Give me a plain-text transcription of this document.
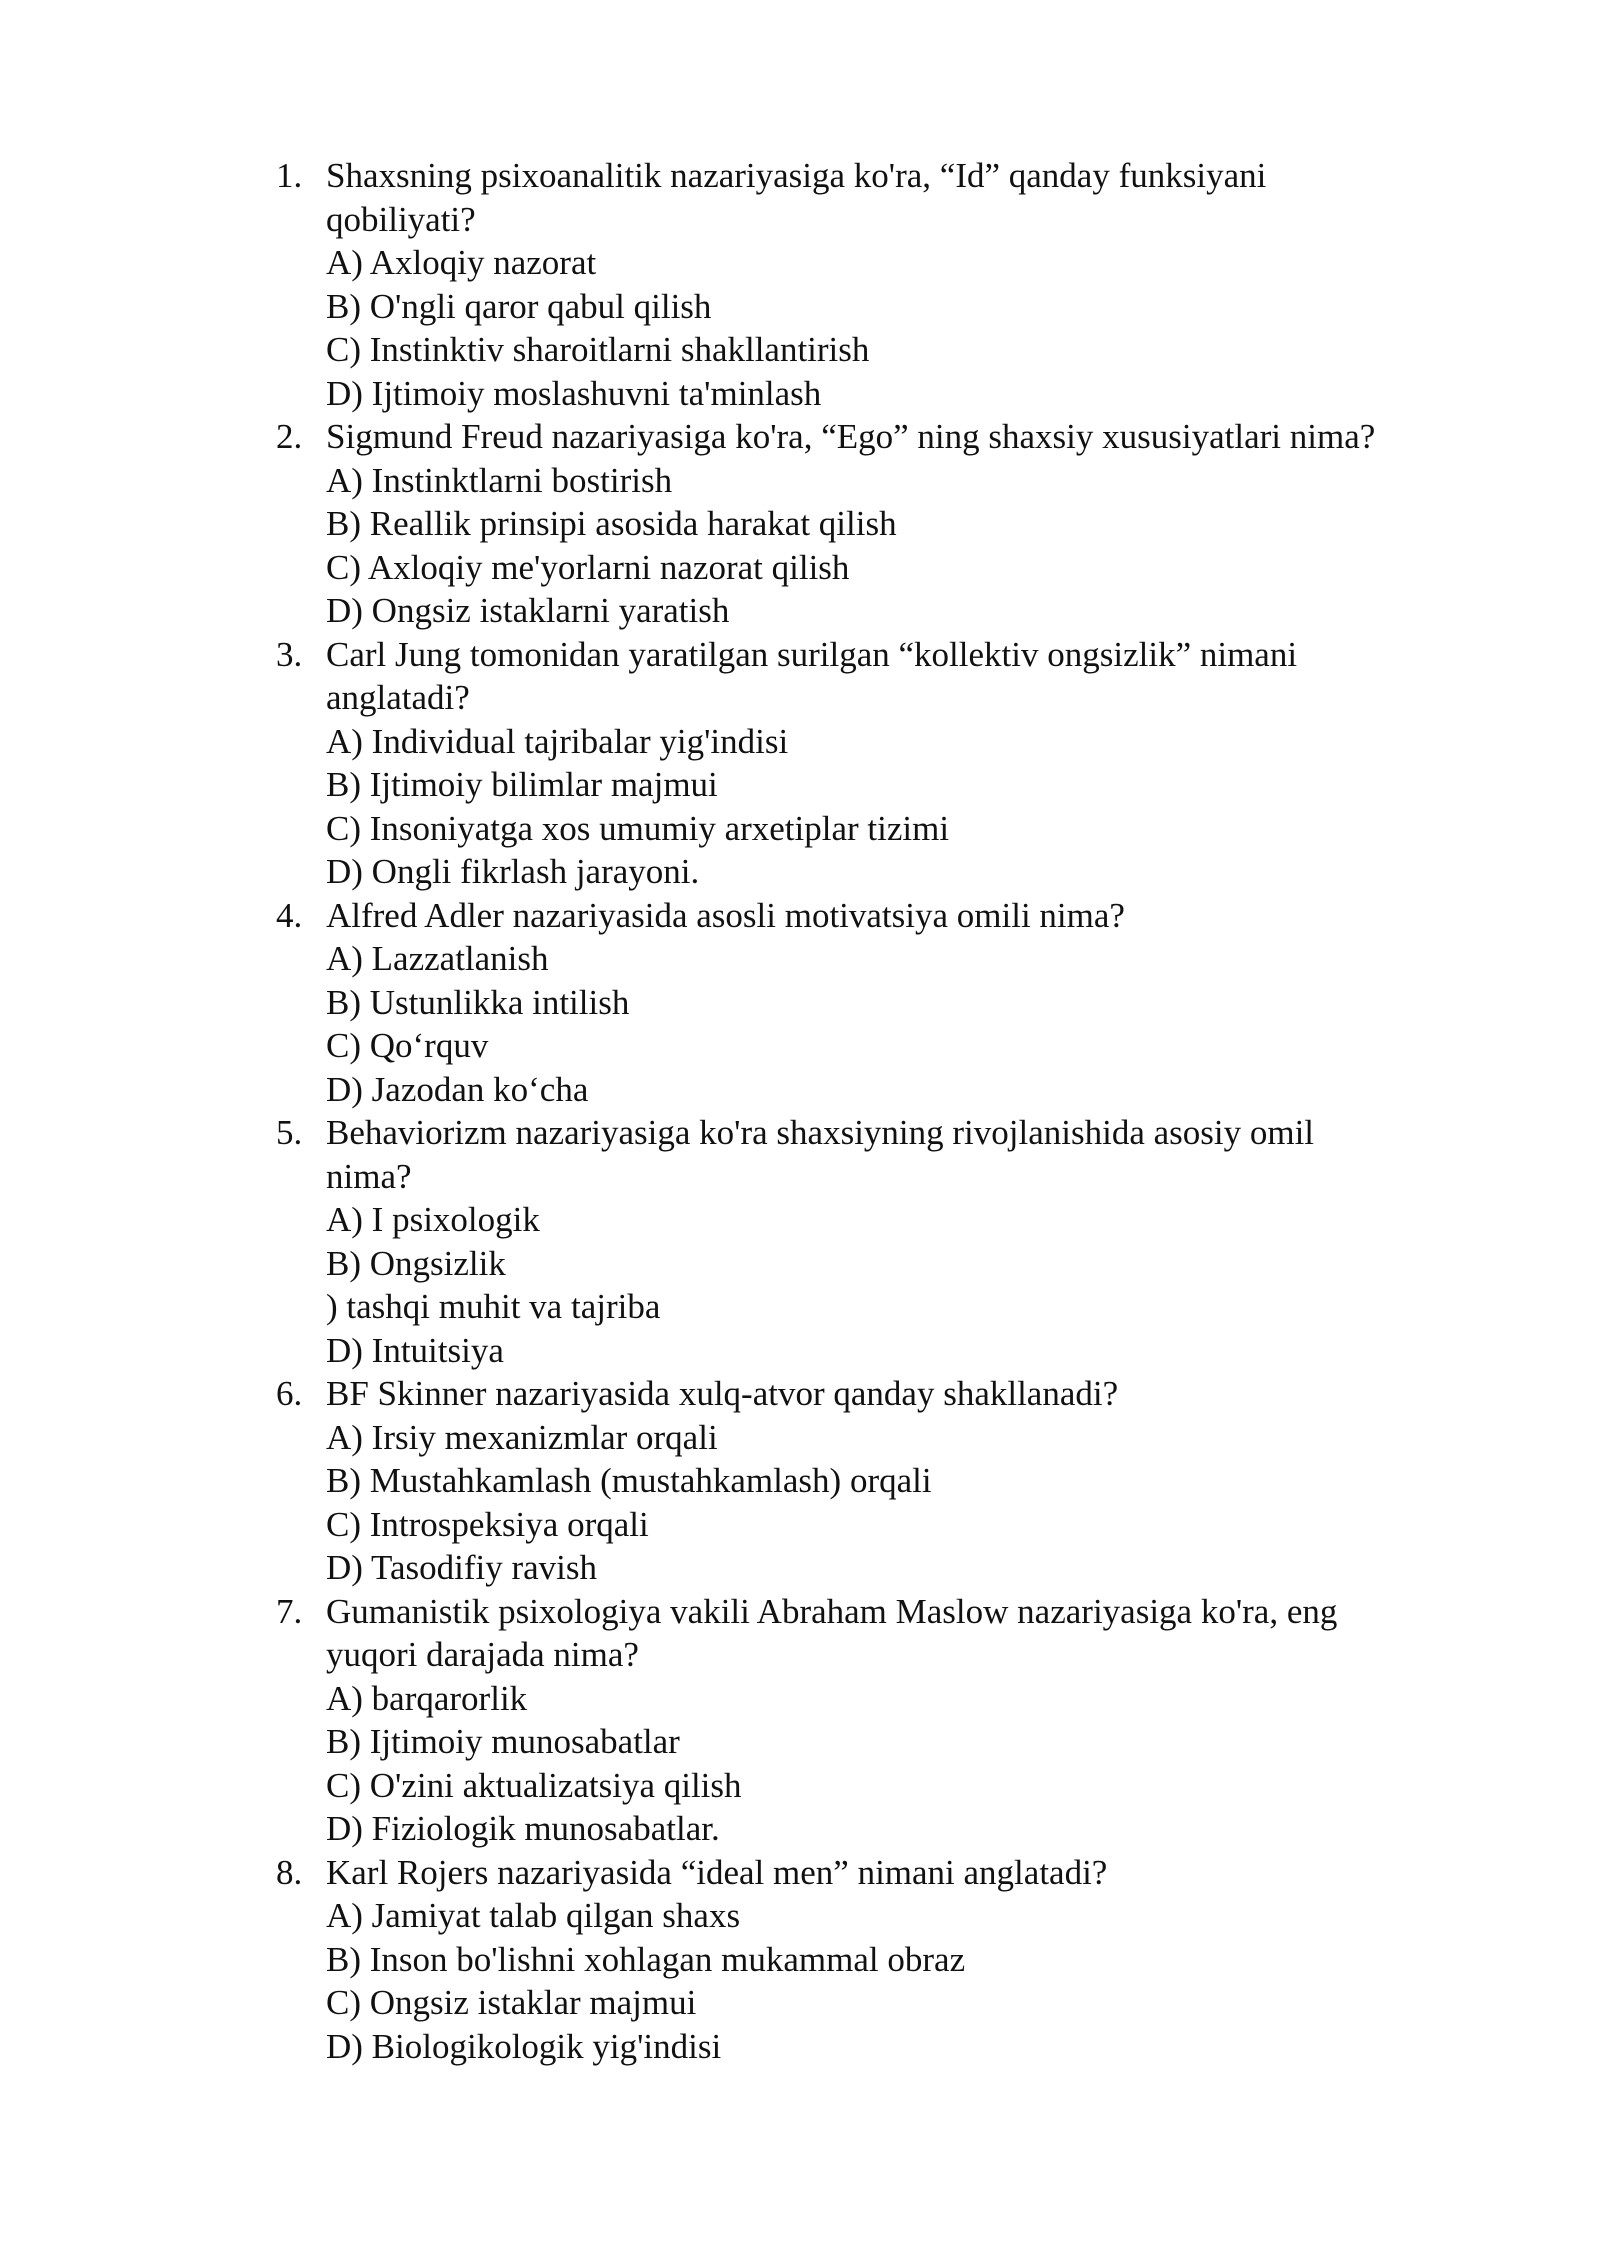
1. Shaxsning psixoanalitik nazariyasiga ko'ra, “Id” qanday funksiyani
qobiliyati?
A) Axloqiy nazorat
B) O'ngli qaror qabul qilish
C) Instinktiv sharoitlarni shakllantirish
D) Ijtimoiy moslashuvni ta'minlash
2. Sigmund Freud nazariyasiga ko'ra, “Ego” ning shaxsiy xususiyatlari nima?
A) Instinktlarni bostirish
B) Reallik prinsipi asosida harakat qilish
C) Axloqiy me'yorlarni nazorat qilish
D) Ongsiz istaklarni yaratish
3. Carl Jung tomonidan yaratilgan surilgan “kollektiv ongsizlik” nimani
anglatadi?
A) Individual tajribalar yig'indisi
B) Ijtimoiy bilimlar majmui
C) Insoniyatga xos umumiy arxetiplar tizimi
D) Ongli fikrlash jarayoni.
4. Alfred Adler nazariyasida asosli motivatsiya omili nima?
A) Lazzatlanish
B) Ustunlikka intilish
C) Qo‘rquv
D) Jazodan ko‘cha
5. Behaviorizm nazariyasiga ko'ra shaxsiyning rivojlanishida asosiy omil
nima?
A) I psixologik
B) Ongsizlik
) tashqi muhit va tajriba
D) Intuitsiya
6. BF Skinner nazariyasida xulq-atvor qanday shakllanadi?
A) Irsiy mexanizmlar orqali
B) Mustahkamlash (mustahkamlash) orqali
C) Introspeksiya orqali
D) Tasodifiy ravish
7. Gumanistik psixologiya vakili Abraham Maslow nazariyasiga ko'ra, eng
yuqori darajada nima?
A) barqarorlik
B) Ijtimoiy munosabatlar
C) O'zini aktualizatsiya qilish
D) Fiziologik munosabatlar.
8. Karl Rojers nazariyasida “ideal men” nimani anglatadi?
A) Jamiyat talab qilgan shaxs
B) Inson bo'lishni xohlagan mukammal obraz
C) Ongsiz istaklar majmui
D) Biologikologik yig'indisi
